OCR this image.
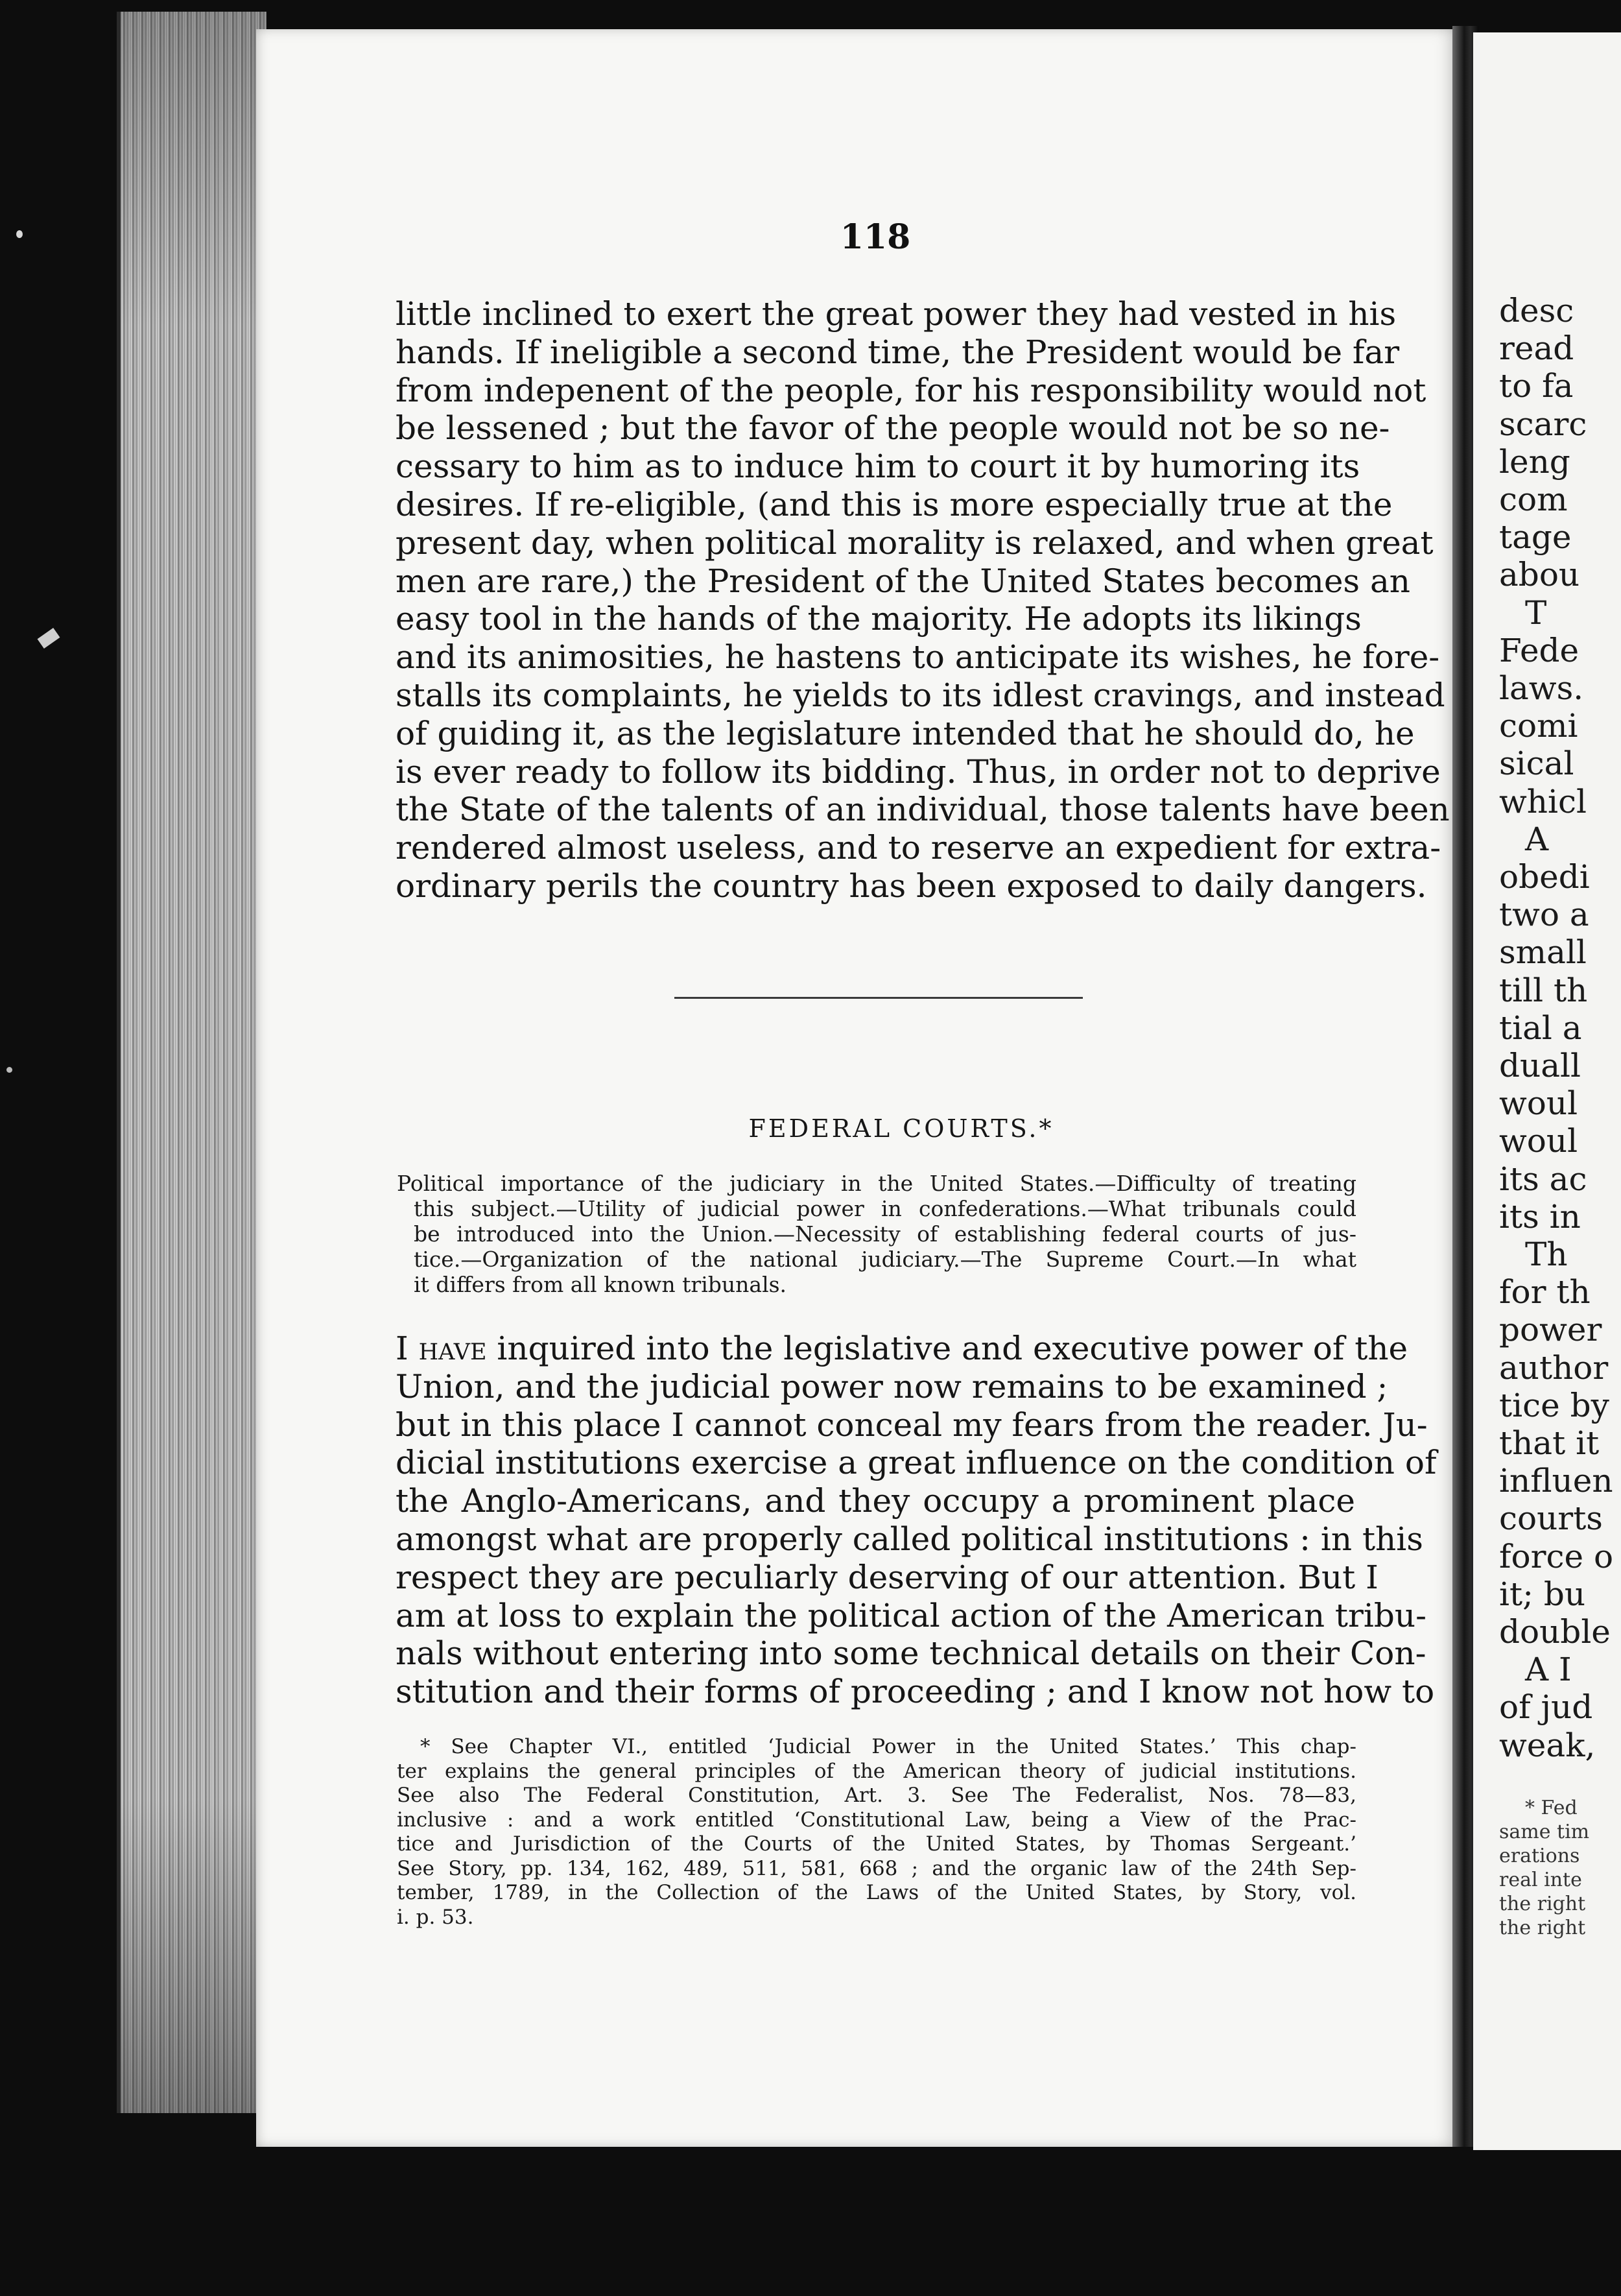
desc
read
to fa
scarc
leng
com
tage
abou
T
Fede
laws.
comi
sical
whicl
A
obedi
two a
small
till th
tial a
duall
woul
woul
its ac
its in
Th
for th
power
author
tice by
that it
influen
courts
force o
it; bu
double
A I
of jud
weak,
* Fed
same tim
erations
real inte
the right
the right
118
little inclined to exert the great power they had vested in his
hands. If ineligible a second time, the President would be far
from indepenent of the people, for his responsibility would not
be lessened ; but the favor of the people would not be so ne-
cessary to him as to induce him to court it by humoring its
desires. If re-eligible, (and this is more especially true at the
present day, when political morality is relaxed, and when great
men are rare,) the President of the United States becomes an
easy tool in the hands of the majority. He adopts its likings
and its animosities, he hastens to anticipate its wishes, he fore-
stalls its complaints, he yields to its idlest cravings, and instead
of guiding it, as the legislature intended that he should do, he
is ever ready to follow its bidding. Thus, in order not to deprive
the State of the talents of an individual, those talents have been
rendered almost useless, and to reserve an expedient for extra-
ordinary perils the country has been exposed to daily dangers.
FEDERAL COURTS.*
Political importance of the judiciary in the United States.—Difficulty of treating
this subject.—Utility of judicial power in confederations.—What tribunals could
be introduced into the Union.—Necessity of establishing federal courts of jus-
tice.—Organization of the national judiciary.—The Supreme Court.—In what
it differs from all known tribunals.
I have inquired into the legislative and executive power of the
Union, and the judicial power now remains to be examined ;
but in this place I cannot conceal my fears from the reader. Ju-
dicial institutions exercise a great influence on the condition of
the Anglo-Americans, and they occupy a prominent place
amongst what are properly called political institutions : in this
respect they are peculiarly deserving of our attention. But I
am at loss to explain the political action of the American tribu-
nals without entering into some technical details on their Con-
stitution and their forms of proceeding ; and I know not how to
* See Chapter VI., entitled ‘Judicial Power in the United States.’ This chap-
ter explains the general principles of the American theory of judicial institutions.
See also The Federal Constitution, Art. 3. See The Federalist, Nos. 78—83,
inclusive : and a work entitled ‘Constitutional Law, being a View of the Prac-
tice and Jurisdiction of the Courts of the United States, by Thomas Sergeant.’
See Story, pp. 134, 162, 489, 511, 581, 668 ; and the organic law of the 24th Sep-
tember, 1789, in the Collection of the Laws of the United States, by Story, vol.
i. p. 53.
